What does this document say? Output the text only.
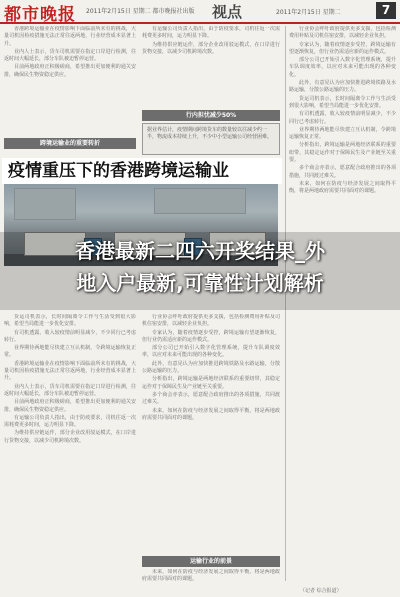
都市晚报 2011年2月15日 星期二 都市晚报社出版 视点	2011年2月15日 星期二	7

香港跨境运输业在疫情影响下面临前所未有的挑战，大量司机因检疫措施无法正常往返两地，行业经营成本显著上升。

业内人士表示，货车司机需要在指定口岸进行检测，往返时间大幅延长，部分车队被迫暂停运营。

目前两地政府正积极磋商，希望推出更加便利的通关安排，确保民生物资稳定供应。

跨境运输业的重要转折

有运输公司负责人指出，由于防疫要求，司机往返一次需耗费更多时间，运力明显下降。

为维持供应链运作，部分企业改用驳运模式，在口岸进行货物交接，以减少司机跨境次数。

行内担忧减少50%
据业界估计，疫情期间跨境货车的数量较以往减少约一半，物流成本持续上升，不少中小型运输公司经营困难。

行业协会呼吁政府提供更多支援，包括检测费用补贴及司机住宿安排，以减轻企业负担。

专家认为，随着疫情逐步受控，跨境运输有望逐渐恢复，但行业仍需适应新的运作模式。

部分公司已开始引入数字化管理系统，提升车队调度效率，以应对未来可能出现的各种变化。

此外，有意见认为应加快推进跨境铁路及水路运输，分散公路运输的压力。

货运司机表示，长时间隔离令工作与生活受到很大影响，希望当局能进一步优化安排。

有司机透露，收入较疫情前明显减少，不少同行已考虑转行。

业界期待两地能尽快建立互认机制，令跨境运输恢复正常。

分析指出，跨境运输是两地经济联系的重要纽带，其稳定运作对于保障民生及产业链至关重要。

多个商会亦表示，愿意配合政府推出的各项措施，共同渡过难关。

未来，如何在防疫与经济发展之间取得平衡，将是两地政府需要共同面对的课题。

疫情重压下的香港跨境运输业

货运司机表示，长时间隔离令工作与生活受到很大影响，希望当局能进一步优化安排。

有司机透露，收入较疫情前明显减少，不少同行已考虑转行。

业界期待两地能尽快建立互认机制，令跨境运输恢复正常。

香港跨境运输业在疫情影响下面临前所未有的挑战，大量司机因检疫措施无法正常往返两地，行业经营成本显著上升。

业内人士表示，货车司机需要在指定口岸进行检测，往返时间大幅延长，部分车队被迫暂停运营。

目前两地政府正积极磋商，希望推出更加便利的通关安排，确保民生物资稳定供应。

有运输公司负责人指出，由于防疫要求，司机往返一次需耗费更多时间，运力明显下降。

为维持供应链运作，部分企业改用驳运模式，在口岸进行货物交接，以减少司机跨境次数。

行业协会呼吁政府提供更多支援，包括检测费用补贴及司机住宿安排，以减轻企业负担。

专家认为，随着疫情逐步受控，跨境运输有望逐渐恢复，但行业仍需适应新的运作模式。

部分公司已开始引入数字化管理系统，提升车队调度效率，以应对未来可能出现的各种变化。

此外，有意见认为应加快推进跨境铁路及水路运输，分散公路运输的压力。

分析指出，跨境运输是两地经济联系的重要纽带，其稳定运作对于保障民生及产业链至关重要。

多个商会亦表示，愿意配合政府推出的各项措施，共同渡过难关。

未来，如何在防疫与经济发展之间取得平衡，将是两地政府需要共同面对的课题。

运输行业的前景

未来，如何在防疫与经济发展之间取得平衡，将是两地政府需要共同面对的课题。

（记者 综合报道）
香港最新二四六开奖结果_外
地入户最新,可靠性计划解析
